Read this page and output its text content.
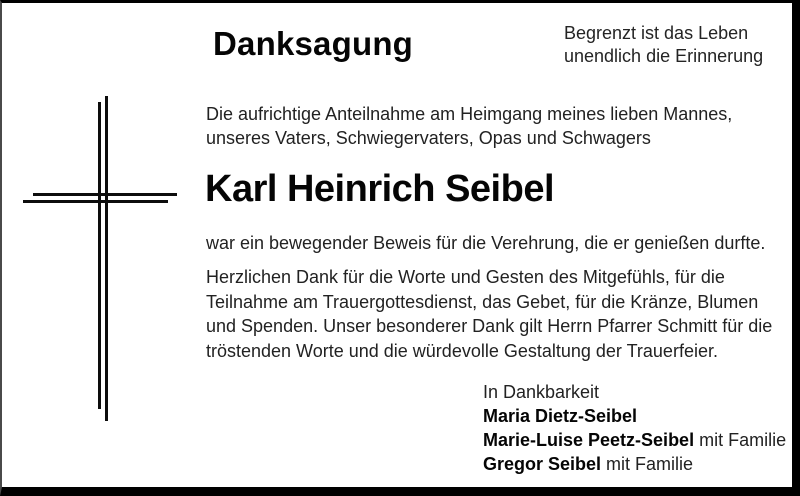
Danksagung	Begrenzt ist das Leben
unendlich die Erinnerung

Die aufrichtige Anteilnahme am Heimgang meines lieben Mannes, unseres Vaters, Schwiegervaters, Opas und Schwagers

Karl Heinrich Seibel

war ein bewegender Beweis für die Verehrung, die er genießen durfte.

Herzlichen Dank für die Worte und Gesten des Mitgefühls, für die Teilnahme am Trauergottesdienst, das Gebet, für die Kränze, Blumen und Spenden. Unser besonderer Dank gilt Herrn Pfarrer Schmitt für die tröstenden Worte und die würdevolle Gestaltung der Trauerfeier.

In Dankbarkeit
Maria Dietz-Seibel
Marie-Luise Peetz-Seibel mit Familie
Gregor Seibel mit Familie
